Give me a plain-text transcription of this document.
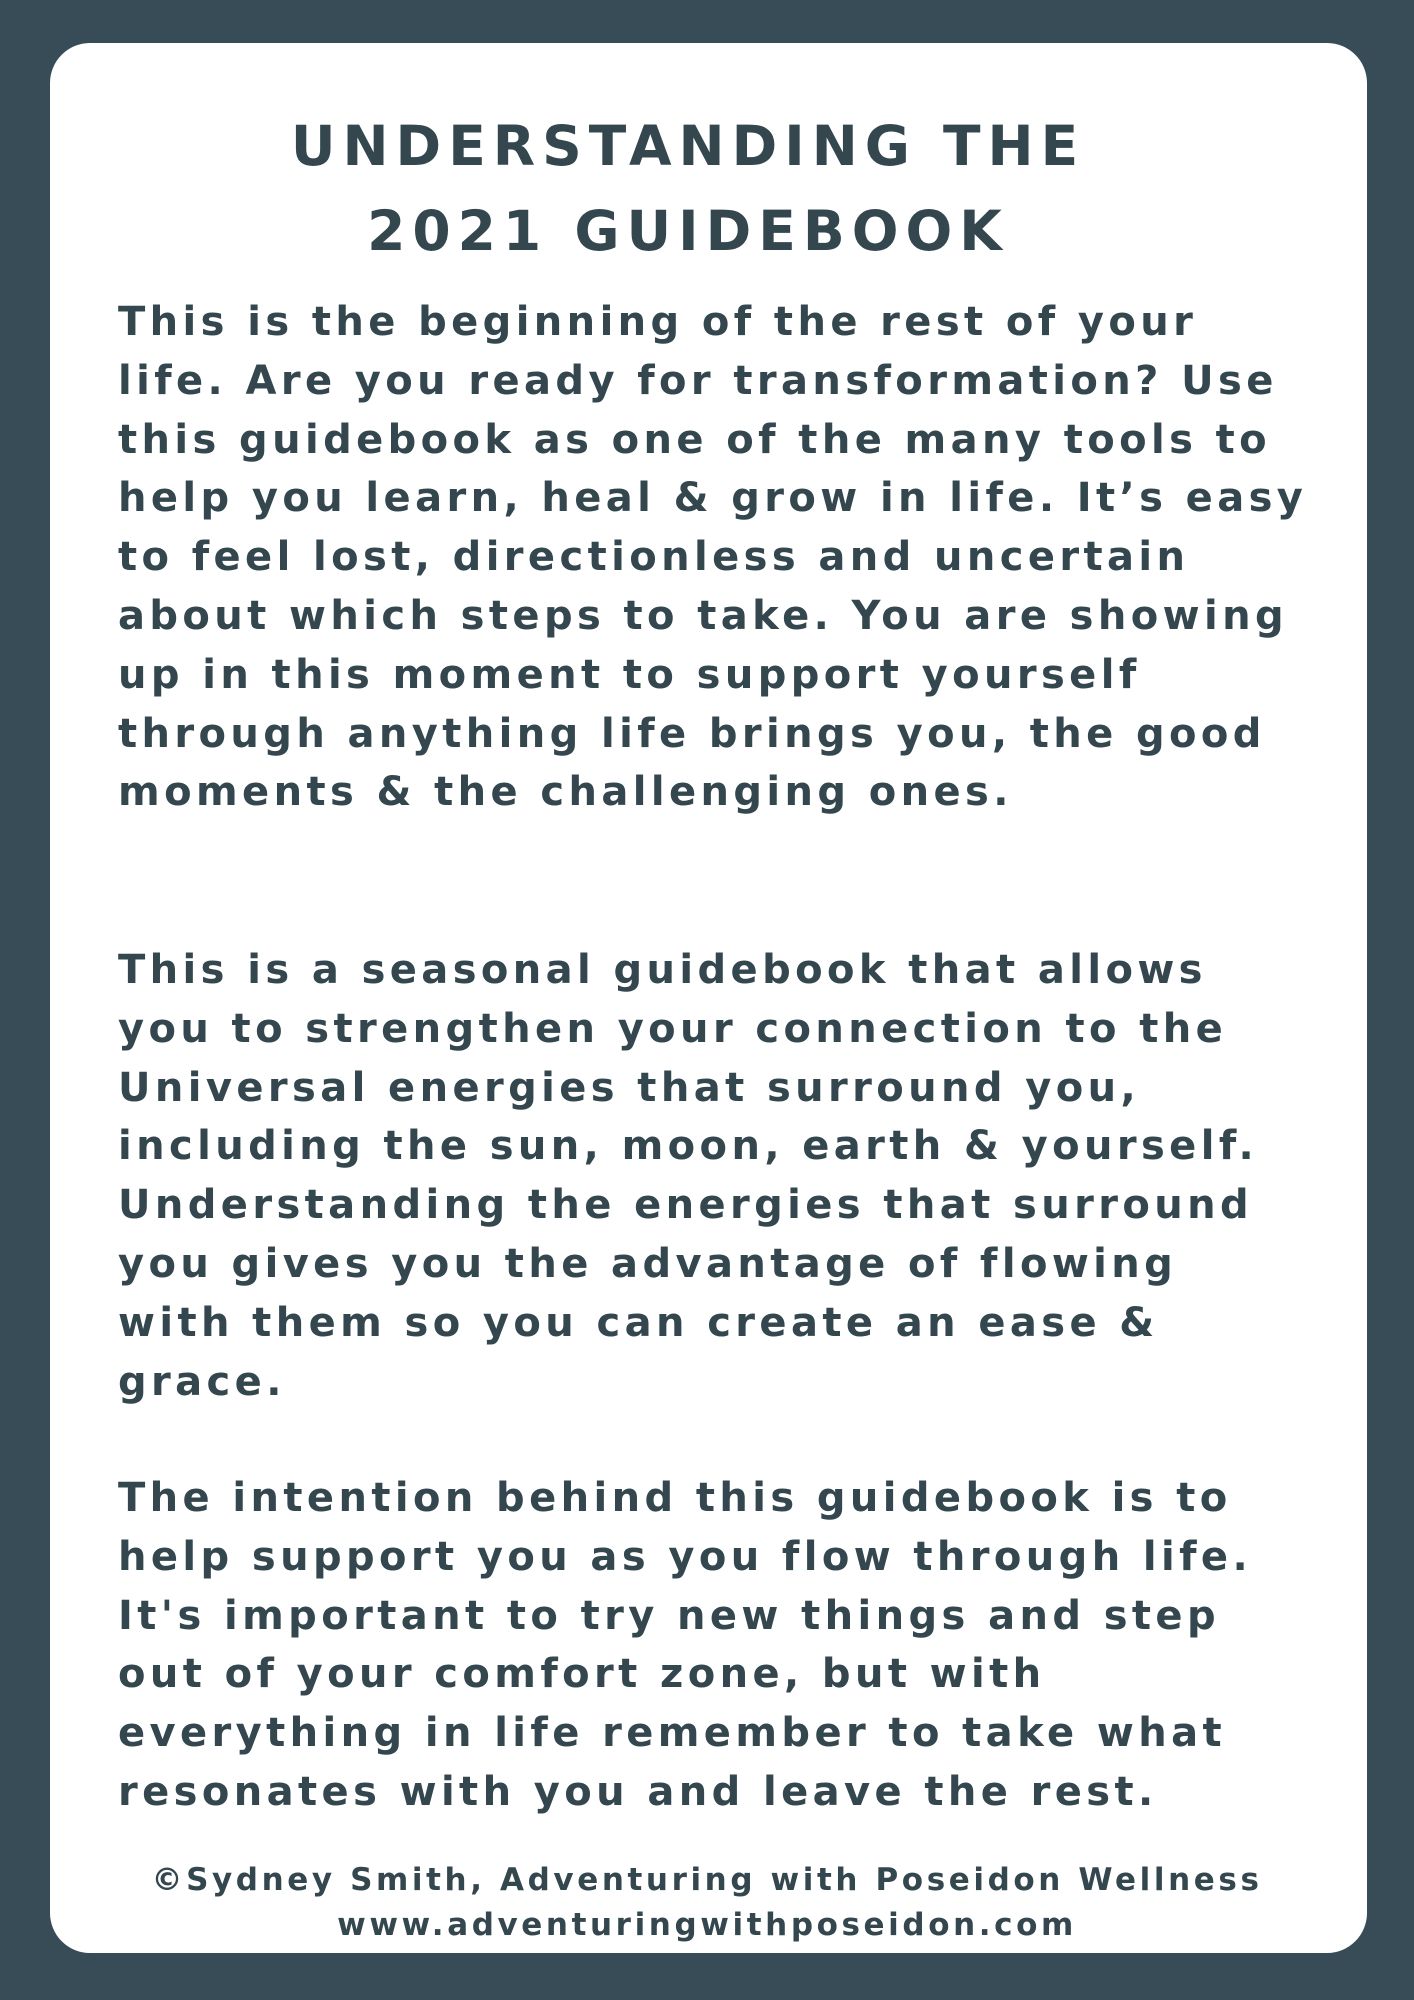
UNDERSTANDING THE
2021 GUIDEBOOK

This is the beginning of the rest of your
life. Are you ready for transformation? Use
this guidebook as one of the many tools to
help you learn, heal & grow in life. It’s easy
to feel lost, directionless and uncertain
about which steps to take. You are showing
up in this moment to support yourself
through anything life brings you, the good
moments & the challenging ones.

This is a seasonal guidebook that allows
you to strengthen your connection to the
Universal energies that surround you,
including the sun, moon, earth & yourself.
Understanding the energies that surround
you gives you the advantage of flowing
with them so you can create an ease &
grace.

The intention behind this guidebook is to
help support you as you flow through life.
It's important to try new things and step
out of your comfort zone, but with
everything in life remember to take what
resonates with you and leave the rest.

©Sydney Smith, Adventuring with Poseidon Wellness

www.adventuringwithposeidon.com
